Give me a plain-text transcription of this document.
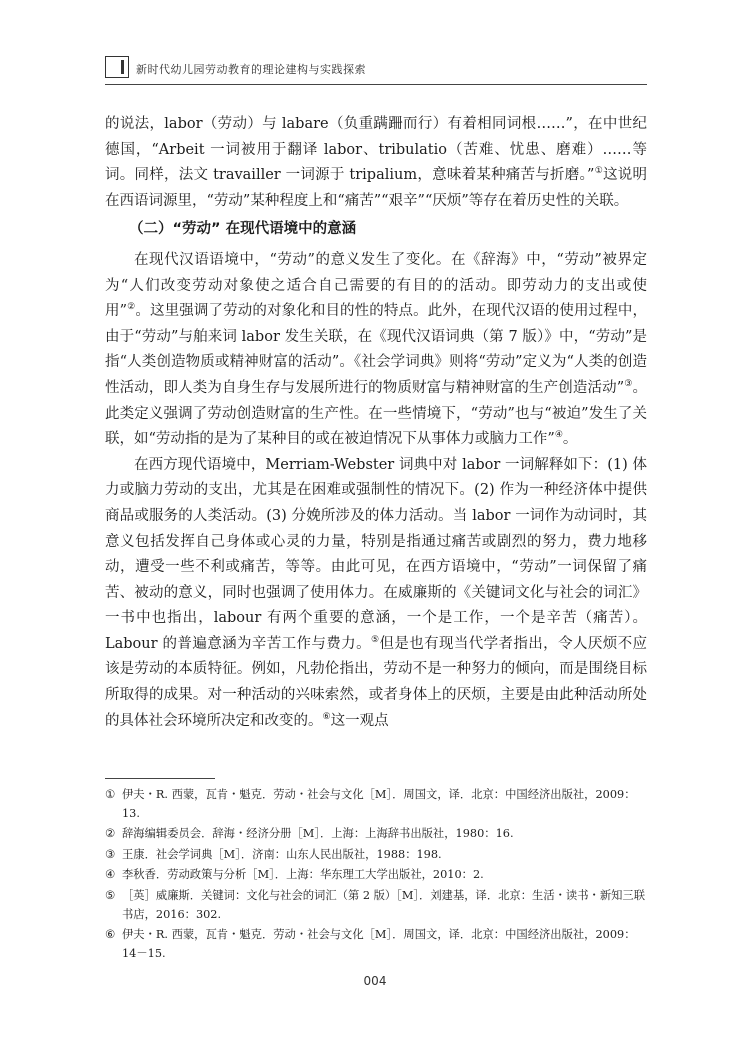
新时代幼儿园劳动教育的理论建构与实践探索

的说法，labor（劳动）与 labare（负重蹒跚而行）有着相同词根……”，在中世纪德国，“Arbeit 一词被用于翻译 labor、tribulatio（苦难、忧患、磨难）……等词。同样，法文 travailler 一词源于 tripalium，意味着某种痛苦与折磨。”①这说明在西语词源里，“劳动”某种程度上和“痛苦”“艰辛”“厌烦”等存在着历史性的关联。

（二）“劳动” 在现代语境中的意涵

在现代汉语语境中，“劳动”的意义发生了变化。在《辞海》中，“劳动”被界定为“人们改变劳动对象使之适合自己需要的有目的的活动。即劳动力的支出或使用”②。这里强调了劳动的对象化和目的性的特点。此外，在现代汉语的使用过程中，由于“劳动”与舶来词 labor 发生关联，在《现代汉语词典（第 7 版）》中，“劳动”是指“人类创造物质或精神财富的活动”。《社会学词典》则将“劳动”定义为“人类的创造性活动，即人类为自身生存与发展所进行的物质财富与精神财富的生产创造活动”③。此类定义强调了劳动创造财富的生产性。在一些情境下，“劳动”也与“被迫”发生了关联，如“劳动指的是为了某种目的或在被迫情况下从事体力或脑力工作”④。

在西方现代语境中，Merriam-Webster 词典中对 labor 一词解释如下：(1) 体力或脑力劳动的支出，尤其是在困难或强制性的情况下。(2) 作为一种经济体中提供商品或服务的人类活动。(3) 分娩所涉及的体力活动。当 labor 一词作为动词时，其意义包括发挥自己身体或心灵的力量，特别是指通过痛苦或剧烈的努力，费力地移动，遭受一些不利或痛苦，等等。由此可见，在西方语境中，“劳动”一词保留了痛苦、被动的意义，同时也强调了使用体力。在威廉斯的《关键词文化与社会的词汇》一书中也指出，labour 有两个重要的意涵，一个是工作，一个是辛苦（痛苦）。Labour 的普遍意涵为辛苦工作与费力。⑤但是也有现当代学者指出，令人厌烦不应该是劳动的本质特征。例如，凡勃伦指出，劳动不是一种努力的倾向，而是围绕目标所取得的成果。对一种活动的兴味索然，或者身体上的厌烦，主要是由此种活动所处的具体社会环境所决定和改变的。⑥这一观点

① 伊夫・R. 西蒙，瓦肯・魁克．劳动・社会与文化［M］．周国文，译．北京：中国经济出版社，2009：13.
② 辞海编辑委员会．辞海・经济分册［M］．上海：上海辞书出版社，1980：16.
③ 王康．社会学词典［M］．济南：山东人民出版社，1988：198.
④ 李秋香．劳动政策与分析［M］．上海：华东理工大学出版社，2010：2.
⑤ ［英］威廉斯．关键词：文化与社会的词汇（第 2 版）［M］．刘建基，译．北京：生活・读书・新知三联书店，2016：302.
⑥ 伊夫・R. 西蒙，瓦肯・魁克．劳动・社会与文化［M］．周国文，译．北京：中国经济出版社，2009：14－15.
004
